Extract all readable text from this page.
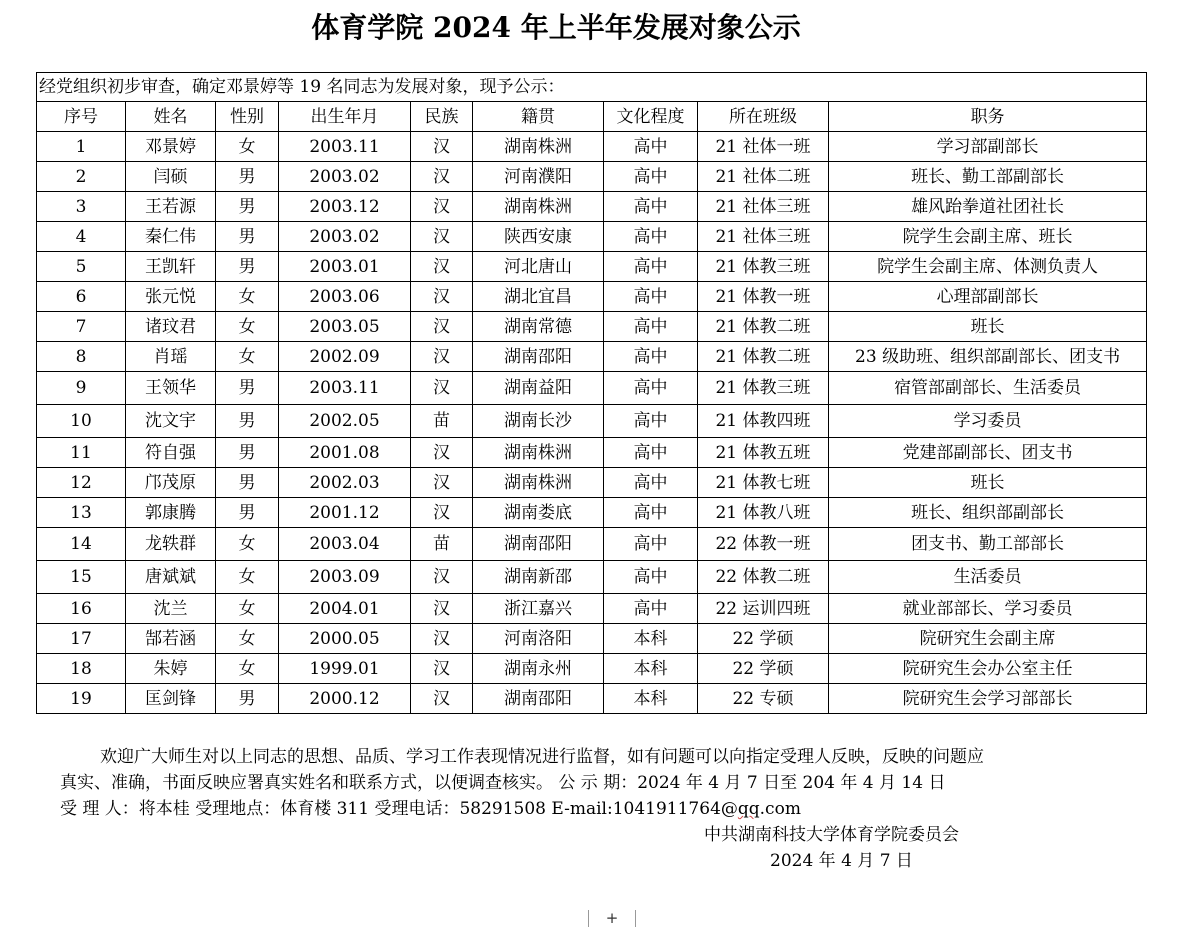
体育学院 2024 年上半年发展对象公示
经党组织初步审查，确定邓景婷等 19 名同志为发展对象，现予公示：								
序号	姓名	性别	出生年月	民族	籍贯	文化程度	所在班级	职务
1	邓景婷	女	2003.11	汉	湖南株洲	高中	21 社体一班	学习部副部长
2	闫硕	男	2003.02	汉	河南濮阳	高中	21 社体二班	班长、勤工部副部长
3	王若源	男	2003.12	汉	湖南株洲	高中	21 社体三班	雄风跆拳道社团社长
4	秦仁伟	男	2003.02	汉	陕西安康	高中	21 社体三班	院学生会副主席、班长
5	王凯轩	男	2003.01	汉	河北唐山	高中	21 体教三班	院学生会副主席、体测负责人
6	张元悦	女	2003.06	汉	湖北宜昌	高中	21 体教一班	心理部副部长
7	诸玟君	女	2003.05	汉	湖南常德	高中	21 体教二班	班长
8	肖瑶	女	2002.09	汉	湖南邵阳	高中	21 体教二班	23 级助班、组织部副部长、团支书
9	王领华	男	2003.11	汉	湖南益阳	高中	21 体教三班	宿管部副部长、生活委员
10	沈文宇	男	2002.05	苗	湖南长沙	高中	21 体教四班	学习委员
11	符自强	男	2001.08	汉	湖南株洲	高中	21 体教五班	党建部副部长、团支书
12	邝茂原	男	2002.03	汉	湖南株洲	高中	21 体教七班	班长
13	郭康腾	男	2001.12	汉	湖南娄底	高中	21 体教八班	班长、组织部副部长
14	龙轶群	女	2003.04	苗	湖南邵阳	高中	22 体教一班	团支书、勤工部部长
15	唐斌斌	女	2003.09	汉	湖南新邵	高中	22 体教二班	生活委员
16	沈兰	女	2004.01	汉	浙江嘉兴	高中	22 运训四班	就业部部长、学习委员
17	郜若涵	女	2000.05	汉	河南洛阳	本科	22 学硕	院研究生会副主席
18	朱婷	女	1999.01	汉	湖南永州	本科	22 学硕	院研究生会办公室主任
19	匡剑锋	男	2000.12	汉	湖南邵阳	本科	22 专硕	院研究生会学习部部长
欢迎广大师生对以上同志的思想、品质、学习工作表现情况进行监督，如有问题可以向指定受理人反映，反映的问题应
真实、准确，书面反映应署真实姓名和联系方式，以便调查核实。 公 示 期：2024 年 4 月 7 日至 204 年 4 月 14 日
受 理 人：将本桂 受理地点：体育楼 311 受理电话：58291508 E-mail:1041911764@qq.com
中共湖南科技大学体育学院委员会
2024 年 4 月 7 日
+
